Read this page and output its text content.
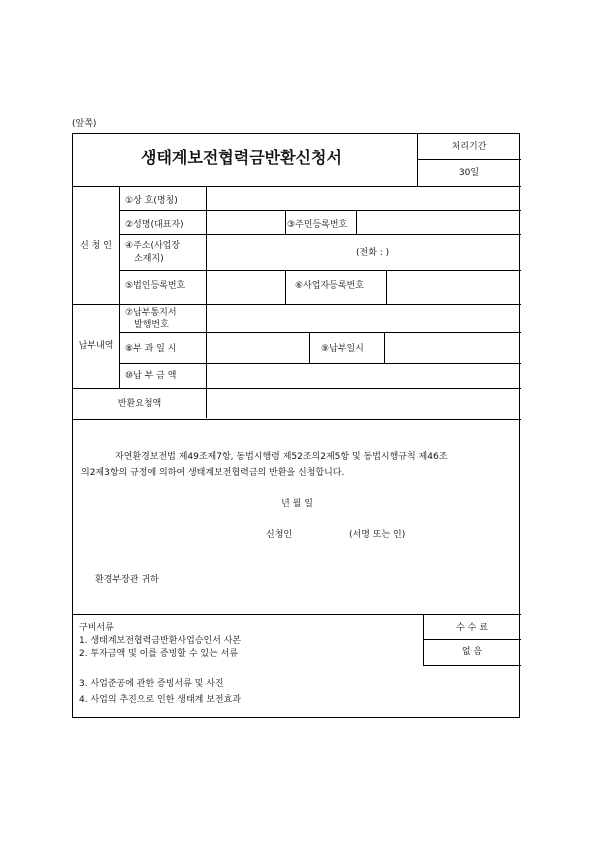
(앞쪽)
생태계보전협력금반환신청서
처리기간
30일
신 청 인
①상 호(명칭)
②성명(대표자)	③주민등록번호
④주소(사업장
소재지)
(전화 : )
⑤법인등록번호	⑥사업자등록번호
납부내역
⑦납부통지서
발행번호
⑧부 과 일 시	⑨납부일시
⑩납 부 금 액
반환요청액
자연환경보전법 제49조제7항, 동법시행령 제52조의2제5항 및 동법시행규칙 제46조
의2제3항의 규정에 의하여 생태계보전협력금의 반환을 신청합니다.
년 월 일
신청인	(서명 또는 인)
환경부장관 귀하
수 수 료
없 음
구비서류
1. 생태계보전협력금반환사업승인서 사본
2. 투자금액 및 이를 증빙할 수 있는 서류
3. 사업준공에 관한 증빙서류 및 사진
4. 사업의 추진으로 인한 생태계 보전효과
